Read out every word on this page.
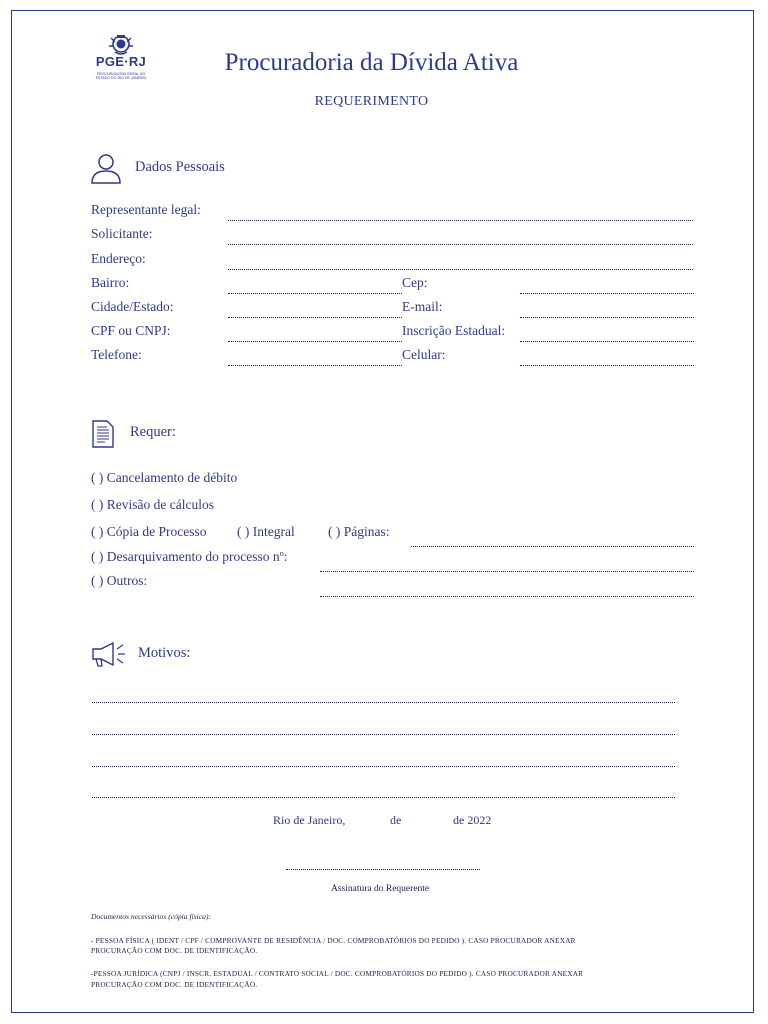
PGE·RJ
PROCURADORIA GERAL DO ESTADO DO RIO DE JANEIRO
Procuradoria da Dívida Ativa
REQUERIMENTO
Dados Pessoais
Representante legal:
Solicitante:
Endereço:
Bairro:	Cep:
Cidade/Estado:	E-mail:
CPF ou CNPJ:	Inscrição Estadual:
Telefone:	Celular:
Requer:
( ) Cancelamento de débito
( ) Revisão de cálculos
( ) Cópia de Processo ( ) Integral ( ) Páginas:
( ) Desarquivamento do processo nº:
( ) Outros:
Motivos:
Rio de Janeiro,	de	de 2022
Assinatura do Requerente
Documentos necessários (cópia física):
- PESSOA FÍSICA ( IDENT / CPF / COMPROVANTE DE RESIDÊNCIA / DOC. COMPROBATÓRIOS DO PEDIDO ). CASO PROCURADOR ANEXAR
PROCURAÇÃO COM DOC. DE IDENTIFICAÇÃO.
-PESSOA JURÍDICA (CNPJ / INSCR. ESTADUAL / CONTRATO SOCIAL / DOC. COMPROBATÓRIOS DO PEDIDO ). CASO PROCURADOR ANEXAR
PROCURAÇÃO COM DOC. DE IDENTIFICAÇÃO.
